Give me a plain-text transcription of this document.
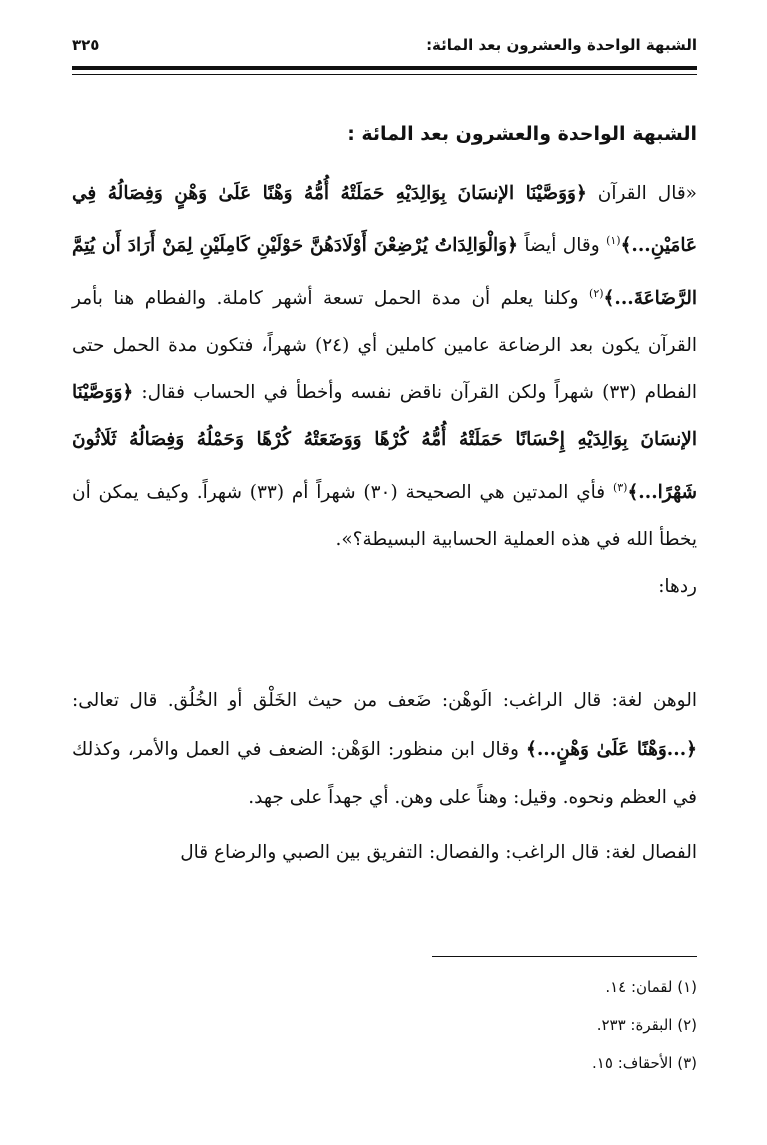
الشبهة الواحدة والعشرون بعد المائة:
٣٢٥
الشبهة الواحدة والعشرون بعد المائة :

«قال القرآن ﴿وَوَصَّيْنَا الإنسَانَ بِوَالِدَيْهِ حَمَلَتْهُ أُمُّهُ وَهْنًا عَلَىٰ وَهْنٍ وَفِصَالُهُ فِي عَامَيْنِ...﴾$^{(١)}$ وقال أيضاً ﴿وَالْوَالِدَاتُ يُرْضِعْنَ أَوْلَادَهُنَّ حَوْلَيْنِ كَامِلَيْنِ لِمَنْ أَرَادَ أَن يُتِمَّ الرَّضَاعَةَ...﴾$^{(٢)}$ وكلنا يعلم أن مدة الحمل تسعة أشهر كاملة. والفطام هنا بأمر القرآن يكون بعد الرضاعة عامين كاملين أي (٢٤) شهراً، فتكون مدة الحمل حتى الفطام (٣٣) شهراً ولكن القرآن ناقض نفسه وأخطأ في الحساب فقال: ﴿وَوَصَّيْنَا الإنسَانَ بِوَالِدَيْهِ إِحْسَانًا حَمَلَتْهُ أُمُّهُ كُرْهًا وَوَضَعَتْهُ كُرْهًا وَحَمْلُهُ وَفِصَالُهُ ثَلَاثُونَ شَهْرًا...﴾$^{(٣)}$ فأي المدتين هي الصحيحة (٣٠) شهراً أم (٣٣) شهراً. وكيف يمكن أن يخطأ الله في هذه العملية الحسابية البسيطة؟».

ردها:

الوهن لغة: قال الراغب: الَوهْن: ضَعف من حيث الخَلْق أو الخُلُق. قال تعالى: ﴿...وَهْنًا عَلَىٰ وَهْنٍ...﴾ وقال ابن منظور: الوَهْن: الضعف في العمل والأمر، وكذلك في العظم ونحوه. وقيل: وهناً على وهن. أي جهداً على جهد.

الفصال لغة: قال الراغب: والفصال: التفريق بين الصبي والرضاع قال

(١) لقمان: ١٤.
(٢) البقرة: ٢٣٣.
(٣) الأحقاف: ١٥.
